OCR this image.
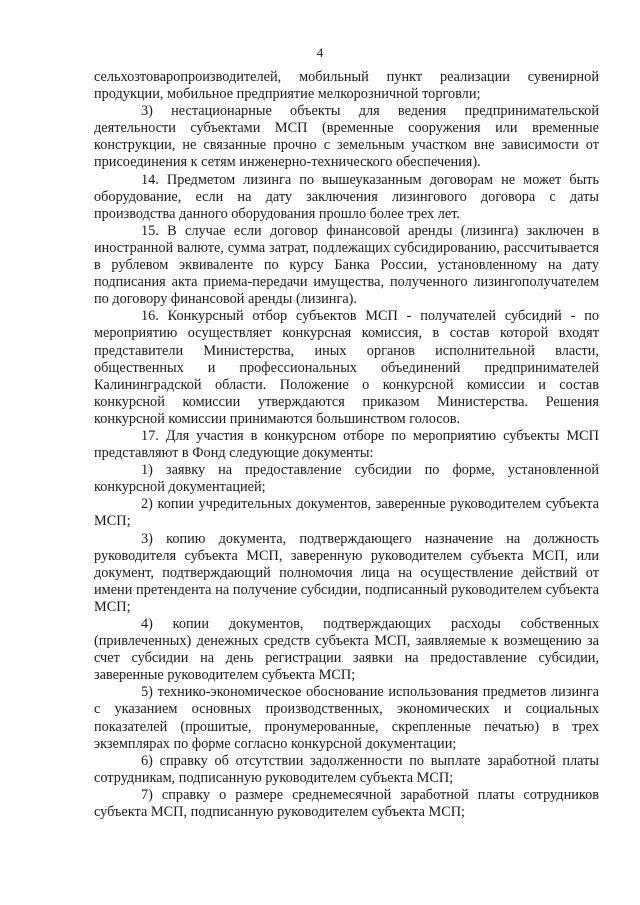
4

сельхозтоваропроизводителей, мобильный пункт реализации сувенирной продукции, мобильное предприятие мелкорозничной торговли;

3) нестационарные объекты для ведения предпринимательской деятельности субъектами МСП (временные сооружения или временные конструкции, не связанные прочно с земельным участком вне зависимости от присоединения к сетям инженерно-технического обеспечения).

14. Предметом лизинга по вышеуказанным договорам не может быть оборудование, если на дату заключения лизингового договора с даты производства данного оборудования прошло более трех лет.

15. В случае если договор финансовой аренды (лизинга) заключен в иностранной валюте, сумма затрат, подлежащих субсидированию, рассчитывается в рублевом эквиваленте по курсу Банка России, установленному на дату подписания акта приема-передачи имущества, полученного лизингополучателем по договору финансовой аренды (лизинга).

16. Конкурсный отбор субъектов МСП - получателей субсидий - по мероприятию осуществляет конкурсная комиссия, в состав которой входят представители Министерства, иных органов исполнительной власти, общественных и профессиональных объединений предпринимателей Калининградской области. Положение о конкурсной комиссии и состав конкурсной комиссии утверждаются приказом Министерства. Решения конкурсной комиссии принимаются большинством голосов.

17. Для участия в конкурсном отборе по мероприятию субъекты МСП представляют в Фонд следующие документы:

1) заявку на предоставление субсидии по форме, установленной конкурсной документацией;

2) копии учредительных документов, заверенные руководителем субъекта МСП;

3) копию документа, подтверждающего назначение на должность руководителя субъекта МСП, заверенную руководителем субъекта МСП, или документ, подтверждающий полномочия лица на осуществление действий от имени претендента на получение субсидии, подписанный руководителем субъекта МСП;

4) копии документов, подтверждающих расходы собственных (привлеченных) денежных средств субъекта МСП, заявляемые к возмещению за счет субсидии на день регистрации заявки на предоставление субсидии, заверенные руководителем субъекта МСП;

5) технико-экономическое обоснование использования предметов лизинга с указанием основных производственных, экономических и социальных показателей (прошитые, пронумерованные, скрепленные печатью) в трех экземплярах по форме согласно конкурсной документации;

6) справку об отсутствии задолженности по выплате заработной платы сотрудникам, подписанную руководителем субъекта МСП;

7) справку о размере среднемесячной заработной платы сотрудников субъекта МСП, подписанную руководителем субъекта МСП;
